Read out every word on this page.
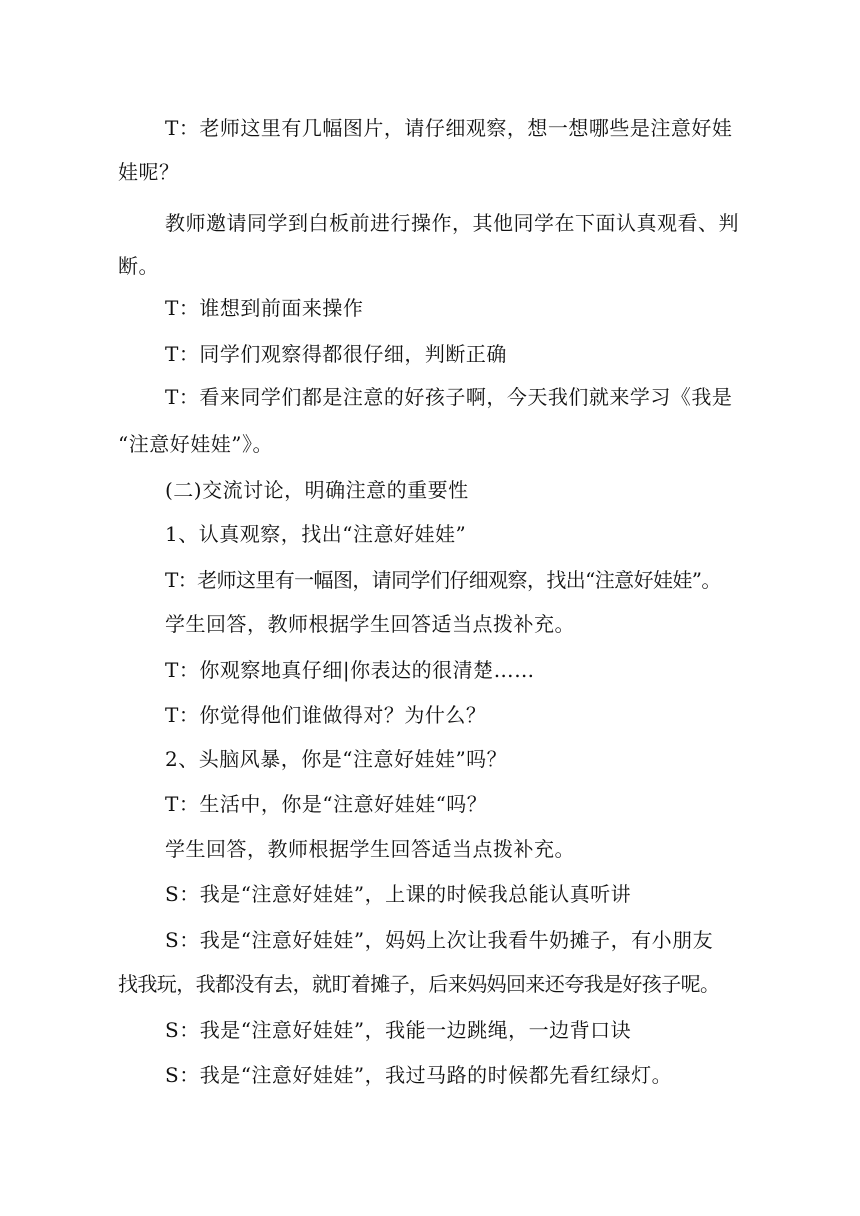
T：老师这里有几幅图片，请仔细观察，想一想哪些是注意好娃
娃呢？
教师邀请同学到白板前进行操作，其他同学在下面认真观看、判
断。
T：谁想到前面来操作
T：同学们观察得都很仔细，判断正确
T：看来同学们都是注意的好孩子啊，今天我们就来学习《我是
“注意好娃娃”》。
(二)交流讨论，明确注意的重要性
1、认真观察，找出“注意好娃娃”
T：老师这里有一幅图，请同学们仔细观察，找出“注意好娃娃”。
学生回答，教师根据学生回答适当点拨补充。
T：你观察地真仔细|你表达的很清楚……
T：你觉得他们谁做得对？为什么？
2、头脑风暴，你是“注意好娃娃”吗？
T：生活中，你是“注意好娃娃“吗？
学生回答，教师根据学生回答适当点拨补充。
S：我是“注意好娃娃”，上课的时候我总能认真听讲
S：我是“注意好娃娃”，妈妈上次让我看牛奶摊子，有小朋友
找我玩，我都没有去，就盯着摊子，后来妈妈回来还夸我是好孩子呢。
S：我是“注意好娃娃”，我能一边跳绳，一边背口诀
S：我是“注意好娃娃”，我过马路的时候都先看红绿灯。
